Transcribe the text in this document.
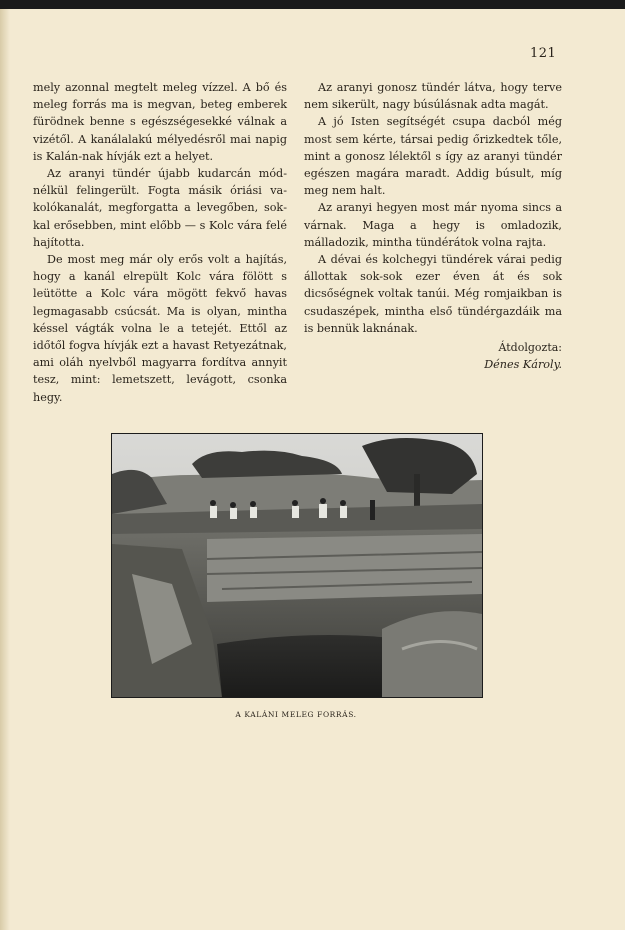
121

mely azonnal megtelt meleg vízzel. A bő és meleg forrás ma is megvan, beteg emberek fürödnek benne s egészségesekké válnak a vizétől. A kanálalakú mélyedésről mai napig is Kalán-nak hívják ezt a helyet.

Az aranyi tündér újabb kudarcán módnélkül felingerült. Fogta másik óriási vakolókanalát, megforgatta a levegőben, sokkal erősebben, mint előbb — s Kolc vára felé hajította.

De most meg már oly erős volt a hajítás, hogy a kanál elrepült Kolc vára fölött s leütötte a Kolc vára mögött fekvő havas legmagasabb csúcsát. Ma is olyan, mintha késsel vágták volna le a tetejét. Ettől az időtől fogva hívják ezt a havast Retyezátnak, ami oláh nyelvből magyarra fordítva annyit tesz, mint: lemetszett, levágott, csonka hegy.

Az aranyi gonosz tündér látva, hogy terve nem sikerült, nagy búsúlásnak adta magát.

A jó Isten segítségét csupa dacból még most sem kérte, társai pedig őrizkedtek tőle, mint a gonosz lélektől s így az aranyi tündér egészen magára maradt. Addig búsult, míg meg nem halt.

Az aranyi hegyen most már nyoma sincs a várnak. Maga a hegy is omladozik, málladozik, mintha tündérátok volna rajta.

A dévai és kolchegyi tündérek várai pedig állottak sok-sok ezer éven át és sok dicsőségnek voltak tanúi. Még romjaikban is csudaszépek, mintha első tündérgazdáik ma is bennük laknának.

Átdolgozta:
Dénes Károly.
A KALÁNI MELEG FORRÁS.
